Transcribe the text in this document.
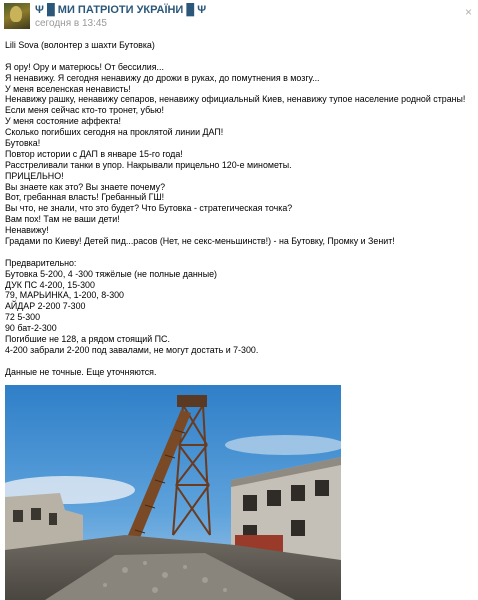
Ψ █ МИ ПАТРІОТИ УКРАЇНИ █ Ψ
сегодня в 13:45
×
Lili Sova (волонтер з шахти Бутовка)
Я ору! Ору и матерюсь! От бессилия...
Я ненавижу. Я сегодня ненавижу до дрожи в руках, до помутнения в мозгу...
У меня вселенская ненависть!
Ненавижу рашку, ненавижу сепаров, ненавижу официальный Киев, ненавижу тупое население родной страны!
Если меня сейчас кто-то тронет, убью!
У меня состояние аффекта!
Сколько погибших сегодня на проклятой линии ДАП!
Бутовка!
Повтор истории с ДАП в январе 15-го года!
Расстреливали танки в упор. Накрывали прицельно 120-е минометы.
ПРИЦЕЛЬНО!
Вы знаете как это? Вы знаете почему?
Вот, гребанная власть! Гребанный ГШ!
Вы что, не знали, что это будет? Что Бутовка - стратегическая точка?
Вам пох! Там не ваши дети!
Ненавижу!
Градами по Киеву! Детей пид...расов (Нет, не секс-меньшинств!) - на Бутовку, Промку и Зенит!
Предварительно:
Бутовка 5-200, 4 -300 тяжёлые (не полные данные)
ДУК ПС 4-200, 15-300
79, МАРЬИНКА, 1-200, 8-300
АЙДАР 2-200 7-300
72 5-300
90 бат-2-300
Погибшие не 128, а рядом стоящий ПС.
4-200 забрали 2-200 под завалами, не могут достать и 7-300.
Данные не точные. Еще уточняются.
